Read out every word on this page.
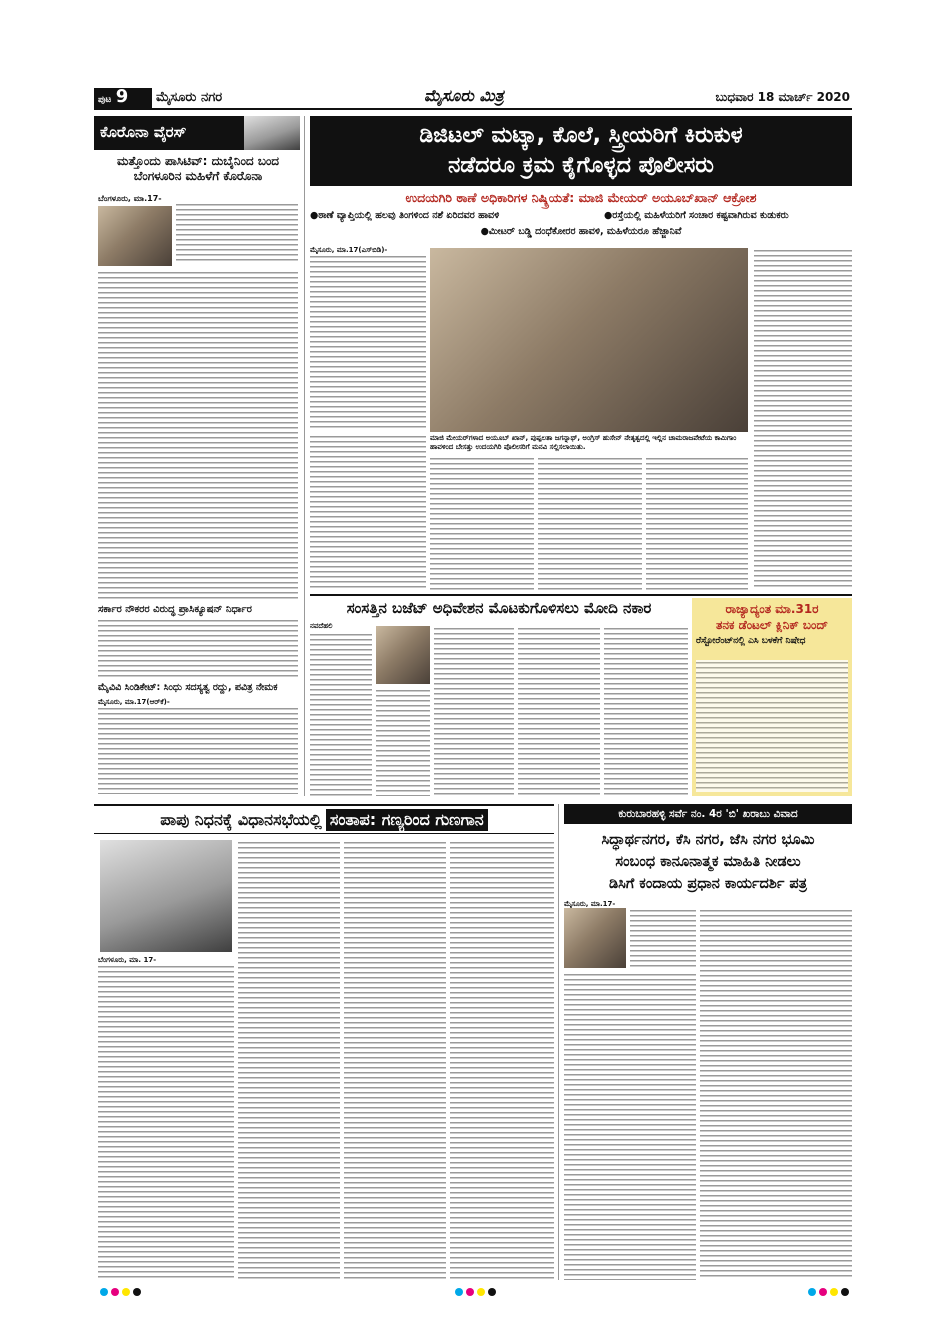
ಪುಟ 9	ಮೈಸೂರು ನಗರ	ಮೈಸೂರು ಮಿತ್ರ	ಬುಧವಾರ 18 ಮಾರ್ಚ್ 2020
ಕೊರೊನಾ ವೈರಸ್
ಮತ್ತೊಂದು ಪಾಸಿಟಿವ್: ದುಬೈನಿಂದ ಬಂದ ಬೆಂಗಳೂರಿನ ಮಹಿಳೆಗೆ ಕೊರೊನಾ
ಬೆಂಗಳೂರು, ಮಾ.17-
ಸರ್ಕಾರ ನೌಕರರ ವಿರುದ್ಧ ಪ್ರಾಸಿಕ್ಯೂಷನ್ ನಿರ್ಧಾರ
ಮೈವಿವಿ ಸಿಂಡಿಕೇಟ್: ಸಿಂಧು ಸದಸ್ಯತ್ವ ರದ್ದು, ಪವಿತ್ರ ನೇಮಕ
ಮೈಸೂರು, ಮಾ.17(ಆರ್‌ಕೆ)-
ಡಿಜಿಟಲ್ ಮಟ್ಕಾ, ಕೊಲೆ, ಸ್ತ್ರೀಯರಿಗೆ ಕಿರುಕುಳ
ನಡೆದರೂ ಕ್ರಮ ಕೈಗೊಳ್ಳದ ಪೊಲೀಸರು
ಉದಯಗಿರಿ ಠಾಣೆ ಅಧಿಕಾರಿಗಳ ನಿಷ್ಕ್ರಿಯತೆ: ಮಾಜಿ ಮೇಯರ್ ಅಯೂಬ್‌ಖಾನ್ ಆಕ್ರೋಶ
●ಠಾಣೆ ವ್ಯಾಪ್ತಿಯಲ್ಲಿ ಹಲವು ತಿಂಗಳಿಂದ ನಶೆ ಏರಿದವರ ಹಾವಳಿ	●ರಸ್ತೆಯಲ್ಲಿ ಮಹಿಳೆಯರಿಗೆ ಸಂಚಾರ ಕಷ್ಟವಾಗಿರುವ ಕುಡುಕರು
●ಮೀಟರ್ ಬಡ್ಡಿ ದಂಧೆಕೋರರ ಹಾವಳಿ, ಮಹಿಳೆಯರೂ ಹೆಜ್ಜಾನಿವೆ
ಮೈಸೂರು, ಮಾ.17(ಎಸ್‌ಬಿಡಿ)-
ಮಾಜಿ ಮೇಯರ್‌ಗಳಾದ ಅಯೂಬ್ ಖಾನ್, ಪುಷ್ಪಲತಾ ಜಗನ್ನಾಥ್, ಅಂಗ್ರಿಸ್ ಹುಸೇನ್ ನೇತೃತ್ವದಲ್ಲಿ ಇಲ್ಲಿನ ಚಾಮರಾಜಪೇಟೆಯ ಕಾಮಿಗಾಂ ಹಾವಳಿಂದ ಬೇಸತ್ತು ಉದಯಗಿರಿ ಪೊಲೀಸರಿಗೆ ಮನವಿ ಸಲ್ಲಿಸಲಾಯಿತು.
ಸಂಸತ್ತಿನ ಬಜೆಟ್ ಅಧಿವೇಶನ ಮೊಟಕುಗೊಳಿಸಲು ಮೋದಿ ನಕಾರ
ನವದೆಹಲಿ
ರಾಜ್ಯಾದ್ಯಂತ ಮಾ.31ರ
ತನಕ ಡೆಂಟಲ್ ಕ್ಲಿನಿಕ್ ಬಂದ್
ರೆಸ್ಟೋರೆಂಟ್‌ನಲ್ಲಿ ಎಸಿ ಬಳಕೆಗೆ ನಿಷೇಧ
ಪಾಪು ನಿಧನಕ್ಕೆ ವಿಧಾನಸಭೆಯಲ್ಲಿ ಸಂತಾಪ: ಗಣ್ಯರಿಂದ ಗುಣಗಾನ
ಬೆಂಗಳೂರು, ಮಾ. 17-
ಕುರುಬಾರಹಳ್ಳಿ ಸರ್ವೆ ನಂ. 4ರ 'ಬಿ' ಖರಾಬು ವಿವಾದ
ಸಿದ್ಧಾರ್ಥನಗರ, ಕೆಸಿ ನಗರ, ಜೆಸಿ ನಗರ ಭೂಮಿ
ಸಂಬಂಧ ಕಾನೂನಾತ್ಮಕ ಮಾಹಿತಿ ನೀಡಲು
ಡಿಸಿಗೆ ಕಂದಾಯ ಪ್ರಧಾನ ಕಾರ್ಯದರ್ಶಿ ಪತ್ರ
ಮೈಸೂರು, ಮಾ.17-
